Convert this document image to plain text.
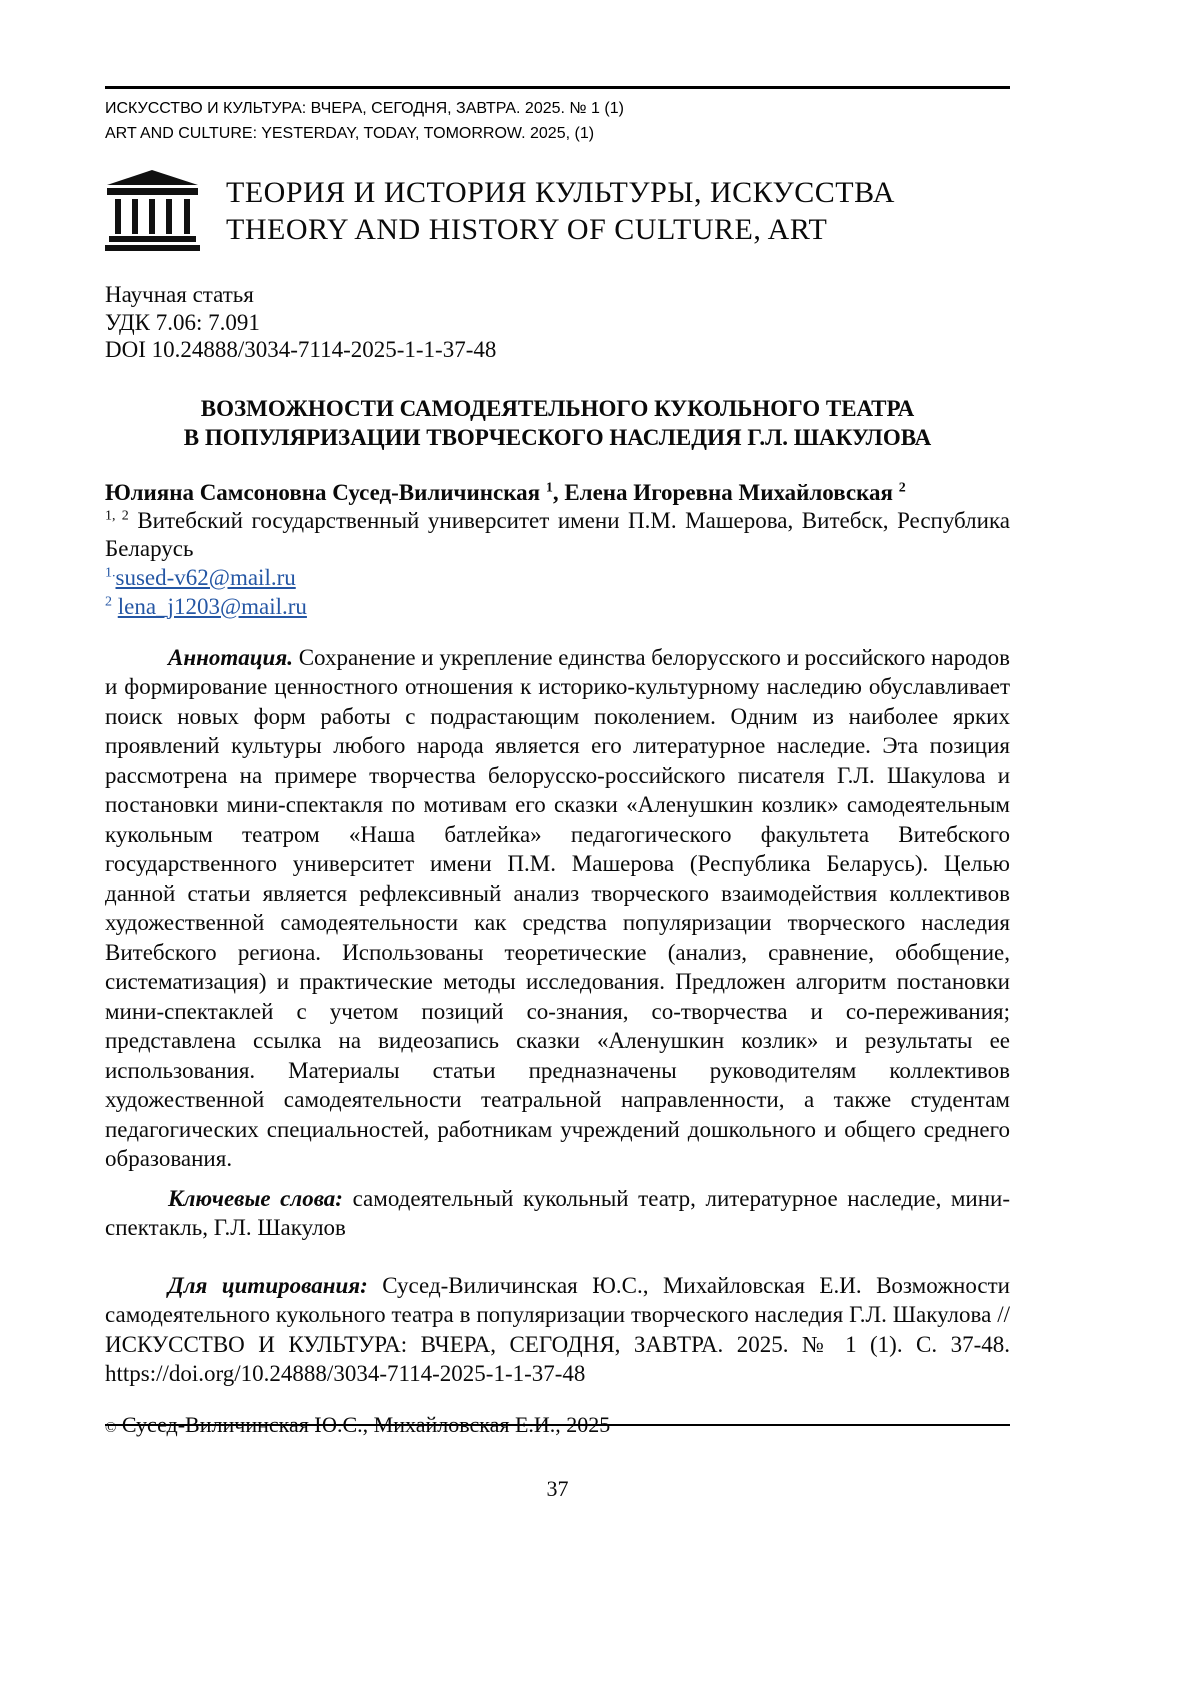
ИСКУССТВО И КУЛЬТУРА: ВЧЕРА, СЕГОДНЯ, ЗАВТРА. 2025. № 1 (1)
ART AND CULTURE: YESTERDAY, TODAY, TOMORROW. 2025, (1)
ТЕОРИЯ И ИСТОРИЯ КУЛЬТУРЫ, ИСКУССТВА
THEORY AND HISTORY OF CULTURE, ART
Научная статья
УДК 7.06: 7.091
DOI 10.24888/3034-7114-2025-1-1-37-48
ВОЗМОЖНОСТИ САМОДЕЯТЕЛЬНОГО КУКОЛЬНОГО ТЕАТРА
В ПОПУЛЯРИЗАЦИИ ТВОРЧЕСКОГО НАСЛЕДИЯ Г.Л. ШАКУЛОВА

Юлияна Самсоновна Сусед-Виличинская $^1$, Елена Игоревна Михайловская $^2$

$^{1, 2}$ Витебский государственный университет имени П.М. Машерова, Витебск, Республика Беларусь

$^{1.}$sused-v62@mail.ru

$^2$ lena_j1203@mail.ru

Аннотация. Сохранение и укрепление единства белорусского и российского народов и формирование ценностного отношения к историко-культурному наследию обуславливает поиск новых форм работы с подрастающим поколением. Одним из наиболее ярких проявлений культуры любого народа является его литературное наследие. Эта позиция рассмотрена на примере творчества белорусско-российского писателя Г.Л. Шакулова и постановки мини-спектакля по мотивам его сказки «Аленушкин козлик» самодеятельным кукольным театром «Наша батлейка» педагогического факультета Витебского государственного университет имени П.М. Машерова (Республика Беларусь). Целью данной статьи является рефлексивный анализ творческого взаимодействия коллективов художественной самодеятельности как средства популяризации творческого наследия Витебского региона. Использованы теоретические (анализ, сравнение, обобщение, систематизация) и практические методы исследования. Предложен алгоритм постановки мини-спектаклей с учетом позиций со-знания, со-творчества и со-переживания; представлена ссылка на видеозапись сказки «Аленушкин козлик» и результаты ее использования. Материалы статьи предназначены руководителям коллективов художественной самодеятельности театральной направленности, а также студентам педагогических специальностей, работникам учреждений дошкольного и общего среднего образования.

Ключевые слова: самодеятельный кукольный театр, литературное наследие, мини-спектакль, Г.Л. Шакулов

Для цитирования: Сусед-Виличинская Ю.С., Михайловская Е.И. Возможности самодеятельного кукольного театра в популяризации творческого наследия Г.Л. Шакулова // ИСКУССТВО И КУЛЬТУРА: ВЧЕРА, СЕГОДНЯ, ЗАВТРА. 2025. № 1 (1). С. 37-48. https://doi.org/10.24888/3034-7114-2025-1-1-37-48

© Сусед-Виличинская Ю.С., Михайловская Е.И., 2025

37
